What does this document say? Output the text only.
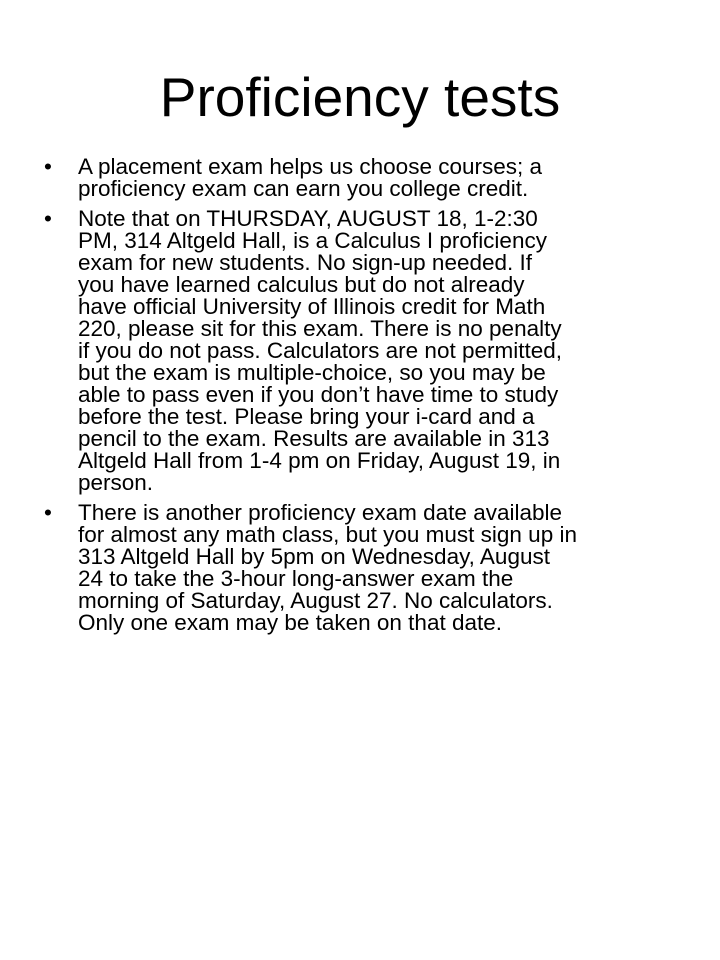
Proficiency tests
• A placement exam helps us choose courses; a
proficiency exam can earn you college credit.
• Note that on THURSDAY, AUGUST 18, 1-2:30
PM, 314 Altgeld Hall, is a Calculus I proficiency
exam for new students. No sign-up needed. If
you have learned calculus but do not already
have official University of Illinois credit for Math
220, please sit for this exam. There is no penalty
if you do not pass. Calculators are not permitted,
but the exam is multiple-choice, so you may be
able to pass even if you don’t have time to study
before the test. Please bring your i-card and a
pencil to the exam. Results are available in 313
Altgeld Hall from 1-4 pm on Friday, August 19, in
person.
• There is another proficiency exam date available
for almost any math class, but you must sign up in
313 Altgeld Hall by 5pm on Wednesday, August
24 to take the 3-hour long-answer exam the
morning of Saturday, August 27. No calculators.
Only one exam may be taken on that date.
